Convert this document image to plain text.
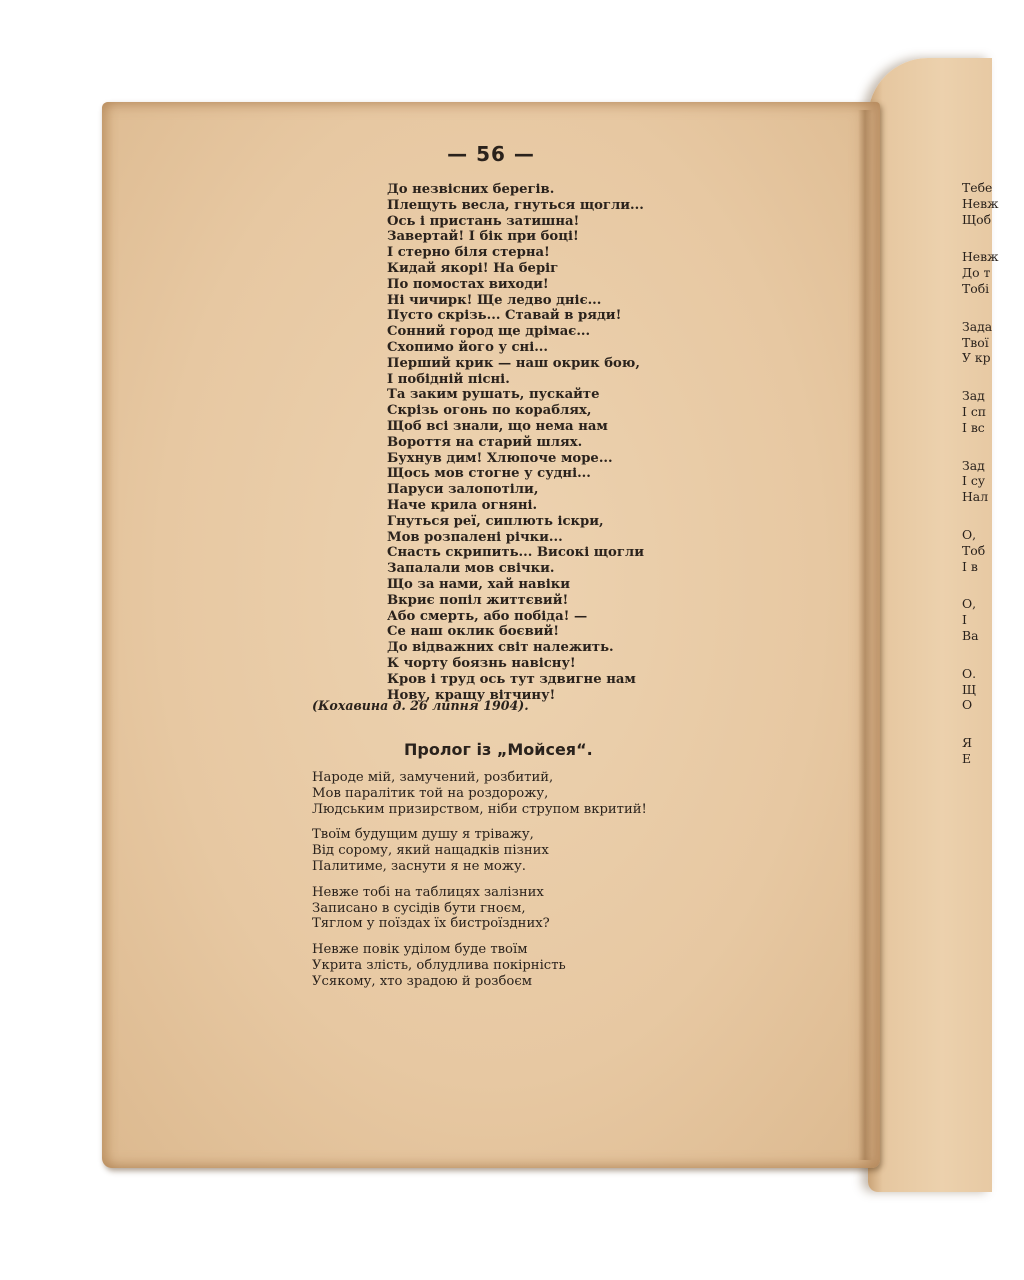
Тебе
Невж
Щоб
Невж
До т
Тобі
Зада
Твої
У кр
Зад
І сп
І вс
Зад
І су
Нал
О,
Тоб
І в
О,
І
Ва
О.
Щ
О
Я
Е
— 56 —
До незвісних берегів.
Плещуть весла, гнуться щогли...
Ось і пристань затишна!
Завертай! І бік при боці!
І стерно біля стерна!
Кидай якорі! На беріг
По помостах виходи!
Ні чичирк! Ще ледво дніє...
Пусто скрізь... Ставай в ряди!
Сонний город ще дрімає...
Схопимо його у сні...
Перший крик — наш окрик бою,
І побідній пісні.
Та заким рушать, пускайте
Скрізь огонь по кораблях,
Щоб всі знали, що нема нам
Вороття на старий шлях.
Бухнув дим! Хлюпоче море...
Щось мов стогне у судні...
Паруси залопотіли,
Наче крила огняні.
Гнуться реї, сиплють іскри,
Мов розпалені річки...
Снасть скрипить... Високі щогли
Запалали мов свічки.
Що за нами, хай навіки
Вкриє попіл життєвий!
Або смерть, або побіда! —
Се наш оклик боєвий!
До відважних світ належить.
К чорту боязнь навісну!
Кров і труд ось тут здвигне нам
Нову, кращу вітчину!
(Кохавина д. 26 липня 1904).
Пролог із „Мойсея“.
Народе мій, замучений, розбитий,
Мов паралітик той на роздорожу,
Людським призирством, ніби струпом вкритий!
Твоїм будущим душу я тріважу,
Від сорому, який нащадків пізних
Палитиме, заснути я не можу.
Невже тобі на таблицях залізних
Записано в сусідів бути гноєм,
Тяглом у поїздах їх бистроїздних?
Невже повік уділом буде твоїм
Укрита злість, облудлива покірність
Усякому, хто зрадою й розбоєм
